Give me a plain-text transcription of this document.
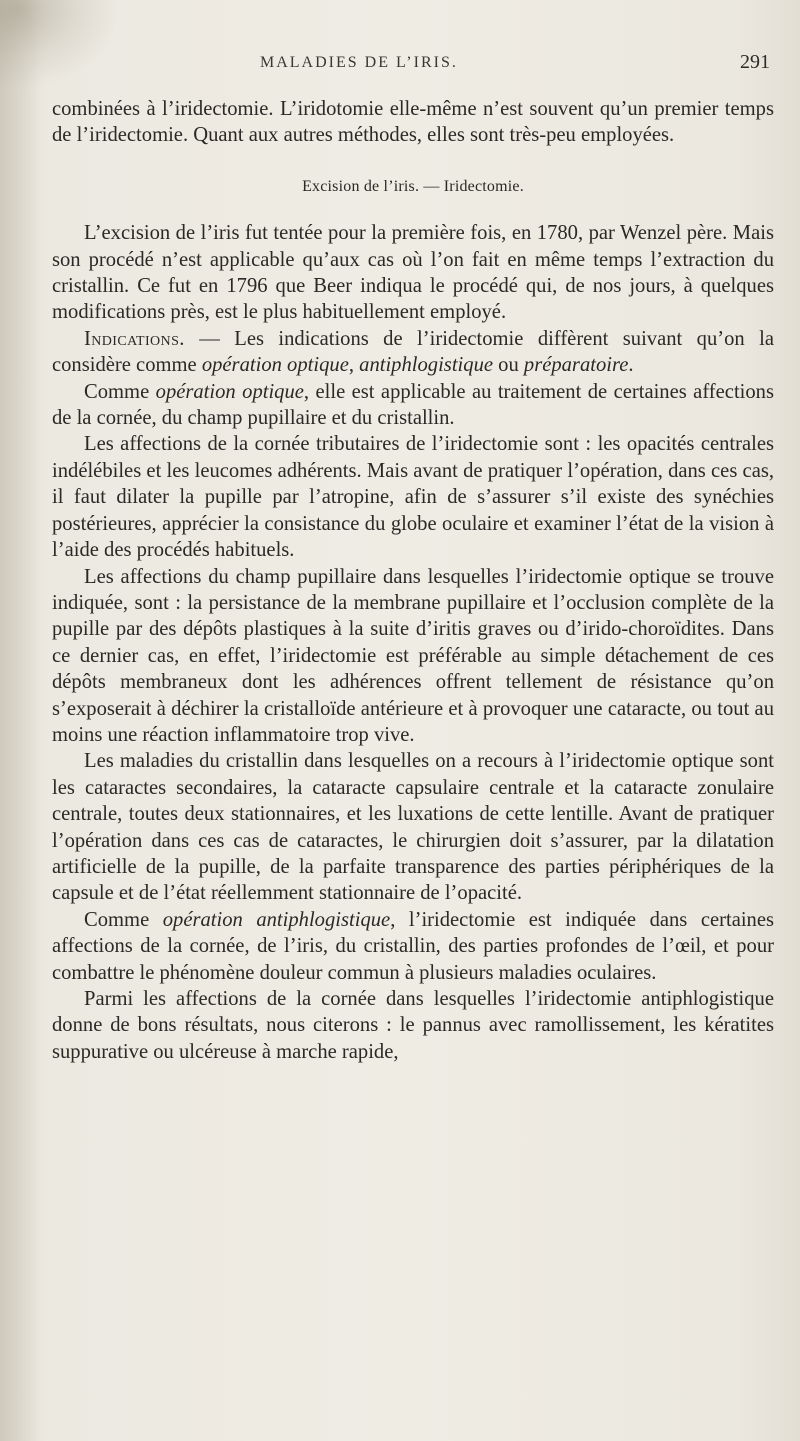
MALADIES DE L’IRIS.	291

combinées à l’iridectomie. L’iridotomie elle-même n’est souvent qu’un premier temps de l’iridectomie. Quant aux autres méthodes, elles sont très-peu employées.

Excision de l’iris. — Iridectomie.

L’excision de l’iris fut tentée pour la première fois, en 1780, par Wenzel père. Mais son procédé n’est applicable qu’aux cas où l’on fait en même temps l’extraction du cristallin. Ce fut en 1796 que Beer indiqua le procédé qui, de nos jours, à quelques modifications près, est le plus habituellement employé.

Indications. — Les indications de l’iridectomie diffèrent suivant qu’on la considère comme opération optique, antiphlogistique ou préparatoire.

Comme opération optique, elle est applicable au traitement de certaines affections de la cornée, du champ pupillaire et du cristallin.

Les affections de la cornée tributaires de l’iridectomie sont : les opacités centrales indélébiles et les leucomes adhérents. Mais avant de pratiquer l’opération, dans ces cas, il faut dilater la pupille par l’atropine, afin de s’assurer s’il existe des synéchies postérieures, apprécier la consistance du globe oculaire et examiner l’état de la vision à l’aide des procédés habituels.

Les affections du champ pupillaire dans lesquelles l’iridectomie optique se trouve indiquée, sont : la persistance de la membrane pupillaire et l’occlusion complète de la pupille par des dépôts plastiques à la suite d’iritis graves ou d’irido-choroïdites. Dans ce dernier cas, en effet, l’iridectomie est préférable au simple détachement de ces dépôts membraneux dont les adhérences offrent tellement de résistance qu’on s’exposerait à déchirer la cristalloïde antérieure et à provoquer une cataracte, ou tout au moins une réaction inflammatoire trop vive.

Les maladies du cristallin dans lesquelles on a recours à l’iridectomie optique sont les cataractes secondaires, la cataracte capsulaire centrale et la cataracte zonulaire centrale, toutes deux stationnaires, et les luxations de cette lentille. Avant de pratiquer l’opération dans ces cas de cataractes, le chirurgien doit s’assurer, par la dilatation artificielle de la pupille, de la parfaite transparence des parties périphériques de la capsule et de l’état réellemment stationnaire de l’opacité.

Comme opération antiphlogistique, l’iridectomie est indiquée dans certaines affections de la cornée, de l’iris, du cristallin, des parties profondes de l’œil, et pour combattre le phénomène douleur commun à plusieurs maladies oculaires.

Parmi les affections de la cornée dans lesquelles l’iridectomie antiphlogistique donne de bons résultats, nous citerons : le pannus avec ramollissement, les kératites suppurative ou ulcéreuse à marche rapide,
